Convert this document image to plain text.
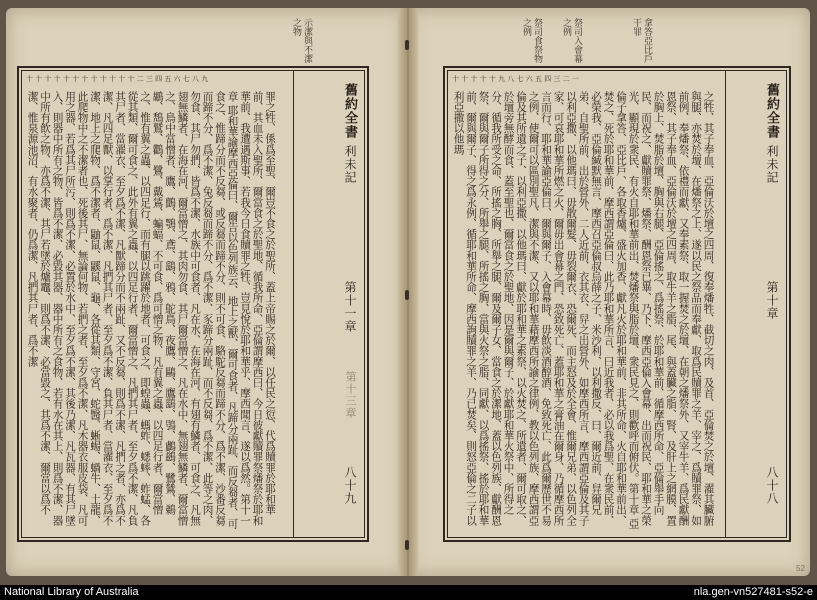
示潔與不潔之物	拿答亞比戶干罪
祭司入會幕之例
祭司食祭物之例
舊約全書
利未記
第十一章
第十三章
八十九
十 十 十 十 十 十 十 十 十 十 十 十 二 三 四 五 六 七 八 九
罪之牲、係爲至聖、爾豈不食之於聖所、蓋上帝賜之於爾、以任民之愆、代爲贖罪於耶和華前、其血未入聖所、爾當食之於聖地、循我所命、亞倫謂摩西曰、今日彼獻贖罪祭燔祭於耶和華前、我遭遇斯事、若我今日食贖罪之牲、豈見悅於耶和華乎、摩西聞言、遂以爲然。第十一章 耶和華諭摩西亞倫曰、爾告以色列族云、地上之獸、爾可食者、凡蹄分兩趾、而反芻者、可食之、惟蹄分而不反芻、或反芻而蹄不分、則不可食、駱駝反芻而蹄不分、爲不潔、沙番反芻而蹄不分、爲不潔、兔反芻而蹄不分、爲不潔、豕蹄分兩趾、而不反芻、爲不潔、此等之肉、勿食、其尸勿捫、皆爲不潔、水族中可食者、凡在水、在海在河、有翅有鱗者、可食之、凡無翅無鱗者、在海在河、爾當憎之、其肉勿食、其尸爾當憎之、凡在水中、無翅無鱗者、爾當憎之、鳥中當憎者、鷹、鸇、鶚、鳶、鷂、鴉、鴕鳥、夜鷹、鷗、鷹鷂、鴞、鸕鷀、鷺鷥、鵜鶘、鵚鷲、鸛、鷺、戴鵀、蝙蝠、不可食、爲可憎之物、凡有翼之蟲、以四足行者、爾當憎之、惟有翼之蟲、以四足行、而有腿以跳躍於地者、可食之、即蝗蟲、螞蚱、蟋蟀、蚱蜢、各從其類、爾可食之、此外有翼之蟲、以四足行者、爾當憎之、凡捫其尸者、至夕爲不潔、凡負其尸者、當濯衣、至夕爲不潔、凡獸蹄分而不兩趾、又不反芻、則爲不潔、凡捫之者、亦爲不潔、凡四足獸、以掌行者、爲不潔、凡捫其尸者、至夕爲不潔、負其尸者、當濯衣、至夕爲不潔、地上之爬物、爲不潔者、鼬鼠、鼷鼠、龜、各從其類、守宮、蛇醫、蜥蜴、蝸牛、土龍、此爬物中之不潔者也、死後其尸、無論何物、若捫之者、至夕爲不潔、凡木器衣服皮袋、凡可用之器、若爲其尸所污、則爲不潔、必置於水中、至夕爲不潔、其後乃潔、凡瓦器、有其尸墜入、則器中所有之物、皆爲不潔、必毀其器、器中所有之食物、若有水在其上、則爲不潔、器中所有飲之物、亦爲不潔、其尸若墜於爐竈、則爲不潔、必當毀之、其爲不潔、爾當以爲不潔、惟泉源池沼、有水聚者、仍爲潔、凡捫其尸者、爲不潔	舊約全書
利未記
第十章
八十八
十 十 十 十 十 九 八 七 六 五 四 三 二 一
之牲、其子奉血、亞倫沃於壇之四周、復奉燔牲、截切之肉、及首、亞倫焚之於壇、濯其臟腑與腿、亦焚於壇、在燔祭之上、遂以民之祭品而奉獻、取爲民贖罪之羊、宰之、爲贖罪祭、如前例、奉燔祭、依禮而獻、又奉素祭、取一握焚之於壇、在朝之燔祭外、又宰牛羊、爲民獻酬恩祭、其子奉血、亞倫沃於壇之四周、取牛羊之脂、尾、與蓋臟之脂、腎、及肝上之網膜、置於胸上、焚脂於壇、胸與右腿、亞倫搖之、爲搖祭、於耶和華前、循摩西所命、亞倫舉手向民、而祝之、獻贖罪祭、燔祭、酬恩祭已畢、乃下、摩西亞倫入會幕、出而祝民、耶和華之榮光、顯現於衆民、有火自耶和華前出、焚燔祭與脂於壇、衆民見之、則歡呼而俯伏。第十章 亞倫子拿答、亞比戶、各取香爐、盛火加香、獻凡火於耶和華前、非其所命、火自耶和華前出、焚之、死於耶和華前、摩西謂亞倫曰、此乃耶和華所言、曰近我者、必以我爲聖、在衆民前、必榮我、亞倫緘默無言、摩西召亞倫叔烏薛之子、米沙利、以利撒反、曰、爾近前、舁爾兄弟、自聖所前、出於營外、二人近前、衣其衣、舁之出營外、如摩西所言、摩西謂亞倫及其子以利亞撒、以他瑪曰、毋散爾髮、毋裂爾衣、恐爾死、而主怒及於全會、惟爾兄弟、以色列全家、可哀耶和華所燃之火、爾毋出會幕之門、恐致死亡、蓋耶和華之膏油在爾身、乃循摩西所言而行、耶和華諭亞倫曰、爾與爾子、入會幕時、毋飲淡酒醇酒、免致死亡、此爲爾歷世不易之例、使爾可以區別聖凡、潔與不潔、又以耶和華藉摩西所諭之律例、教以色列族、摩西謂亞倫及其所遺之子、以利亞撒、以他瑪曰、獻於耶和華之素祭、以火焚之、所遺者、爾可取之、於壇旁無酵而食、蓋至聖也、爾當食之於聖地、因是爾與爾子、於獻耶和華火祭中、所得之分、循我所受之命、所搖之胸、所舉之腿、爾及爾子女、當食之於潔地、蓋以色列族、獻酬恩祭、爾與爾子所得之分、所舉之腿、所搖之胸、當與火祭之脂、同獻、以爲搖祭、搖於耶和華前、爾與爾子、得之爲永例、循耶和華所命、摩西詢贖罪之羊、乃已焚矣、則怒亞倫之二子以利亞撒以他瑪
52
National Library of Australia	nla.gen-vn527481-s52-e
